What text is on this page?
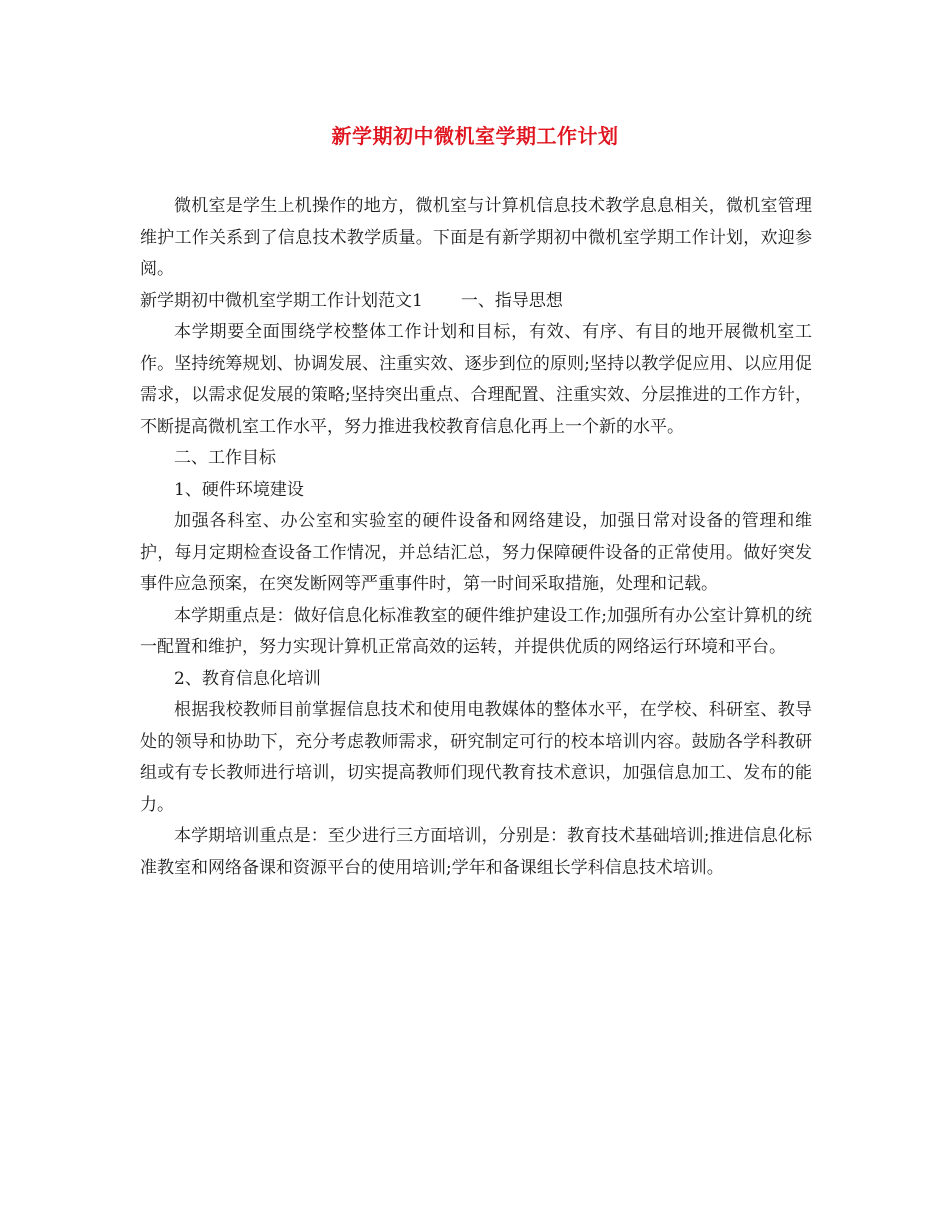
新学期初中微机室学期工作计划

微机室是学生上机操作的地方，微机室与计算机信息技术教学息息相关，微机室管理维护工作关系到了信息技术教学质量。下面是有新学期初中微机室学期工作计划，欢迎参阅。

新学期初中微机室学期工作计划范文1 一、指导思想

本学期要全面围绕学校整体工作计划和目标，有效、有序、有目的地开展微机室工作。坚持统筹规划、协调发展、注重实效、逐步到位的原则;坚持以教学促应用、以应用促需求，以需求促发展的策略;坚持突出重点、合理配置、注重实效、分层推进的工作方针，不断提高微机室工作水平，努力推进我校教育信息化再上一个新的水平。

二、工作目标

1、硬件环境建设

加强各科室、办公室和实验室的硬件设备和网络建设，加强日常对设备的管理和维护，每月定期检查设备工作情况，并总结汇总，努力保障硬件设备的正常使用。做好突发事件应急预案，在突发断网等严重事件时，第一时间采取措施，处理和记载。

本学期重点是：做好信息化标准教室的硬件维护建设工作;加强所有办公室计算机的统一配置和维护，努力实现计算机正常高效的运转，并提供优质的网络运行环境和平台。

2、教育信息化培训

根据我校教师目前掌握信息技术和使用电教媒体的整体水平，在学校、科研室、教导处的领导和协助下，充分考虑教师需求，研究制定可行的校本培训内容。鼓励各学科教研组或有专长教师进行培训，切实提高教师们现代教育技术意识，加强信息加工、发布的能力。

本学期培训重点是：至少进行三方面培训，分别是：教育技术基础培训;推进信息化标准教室和网络备课和资源平台的使用培训;学年和备课组长学科信息技术培训。
